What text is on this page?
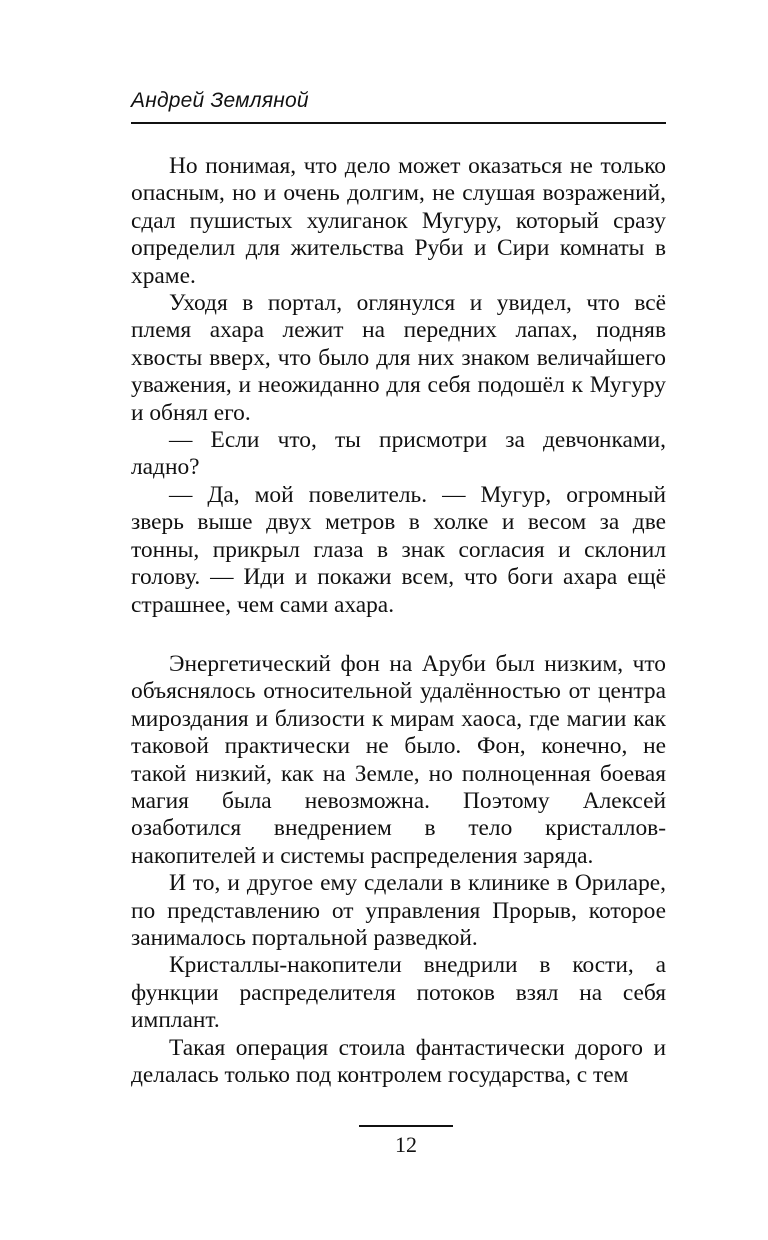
Андрей Земляной

Но понимая, что дело может оказаться не только опасным, но и очень долгим, не слушая возражений, сдал пушистых хулиганок Мугуру, который сразу определил для жительства Руби и Сири комнаты в храме.

Уходя в портал, оглянулся и увидел, что всё племя ахара лежит на передних лапах, подняв хвосты вверх, что было для них знаком величайшего уважения, и неожиданно для себя подошёл к Мугуру и обнял его.

— Если что, ты присмотри за девчонками, ладно?

— Да, мой повелитель. — Мугур, огромный зверь выше двух метров в холке и весом за две тонны, прикрыл глаза в знак согласия и склонил голову. — Иди и покажи всем, что боги ахара ещё страшнее, чем сами ахара.

Энергетический фон на Аруби был низким, что объяснялось относительной удалённостью от центра мироздания и близости к мирам хаоса, где магии как таковой практически не было. Фон, конечно, не такой низкий, как на Земле, но полноценная боевая магия была невозможна. Поэтому Алексей озаботился внедрением в тело кристаллов-накопителей и системы распределения заряда.

И то, и другое ему сделали в клинике в Ориларе, по представлению от управления Прорыв, которое занималось портальной разведкой.

Кристаллы-накопители внедрили в кости, а функции распределителя потоков взял на себя имплант.

Такая операция стоила фантастически дорого и делалась только под контролем государства, с тем

12
